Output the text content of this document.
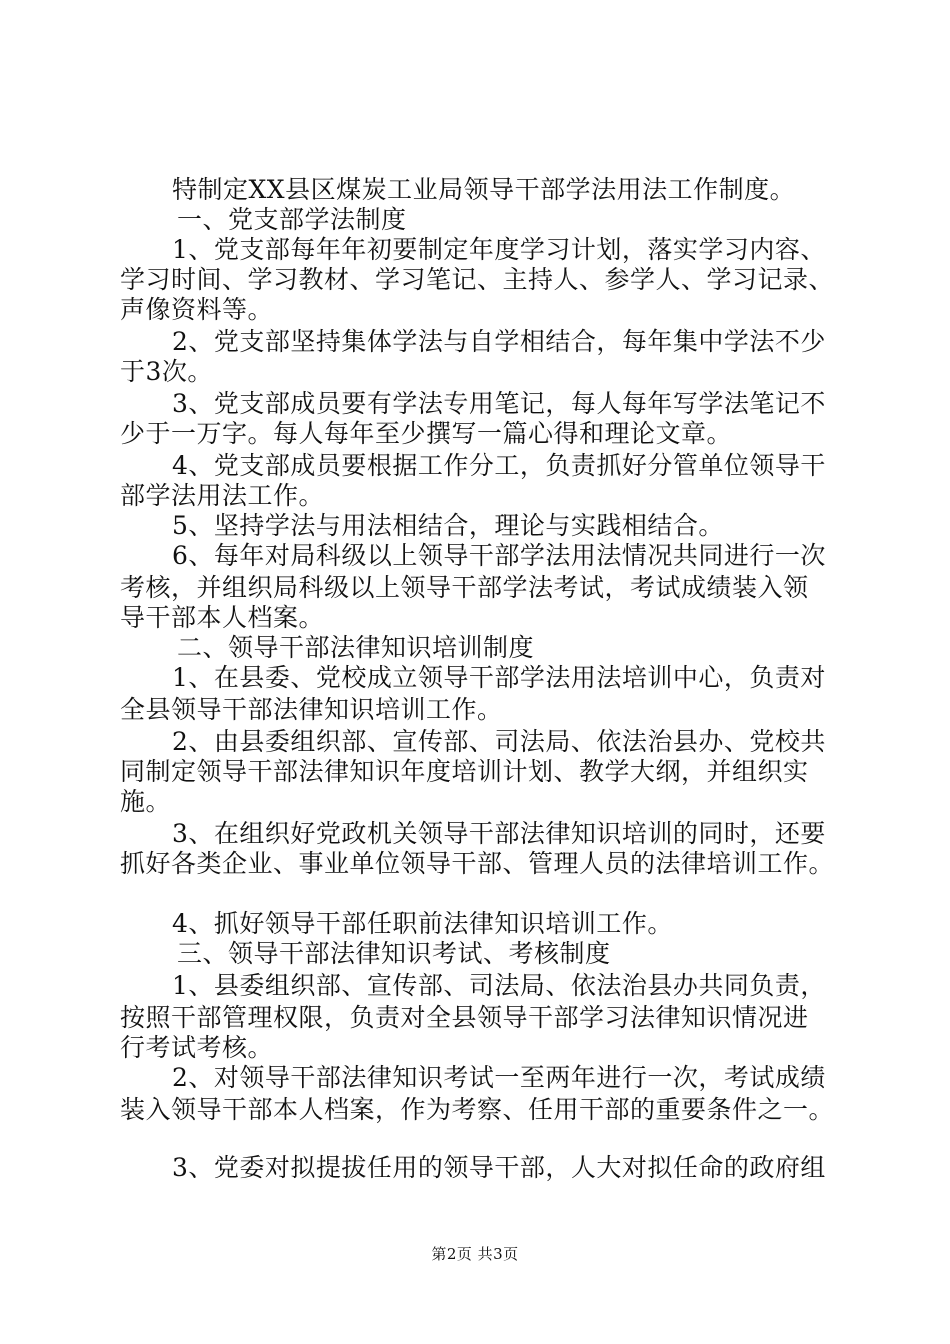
特制定XX县区煤炭工业局领导干部学法用法工作制度。
一、党支部学法制度
1、党支部每年年初要制定年度学习计划，落实学习内容、
学习时间、学习教材、学习笔记、主持人、参学人、学习记录、
声像资料等。
2、党支部坚持集体学法与自学相结合，每年集中学法不少
于3次。
3、党支部成员要有学法专用笔记，每人每年写学法笔记不
少于一万字。每人每年至少撰写一篇心得和理论文章。
4、党支部成员要根据工作分工，负责抓好分管单位领导干
部学法用法工作。
5、坚持学法与用法相结合，理论与实践相结合。
6、每年对局科级以上领导干部学法用法情况共同进行一次
考核，并组织局科级以上领导干部学法考试，考试成绩装入领
导干部本人档案。
二、领导干部法律知识培训制度
1、在县委、党校成立领导干部学法用法培训中心，负责对
全县领导干部法律知识培训工作。
2、由县委组织部、宣传部、司法局、依法治县办、党校共
同制定领导干部法律知识年度培训计划、教学大纲，并组织实
施。
3、在组织好党政机关领导干部法律知识培训的同时，还要
抓好各类企业、事业单位领导干部、管理人员的法律培训工作。
4、抓好领导干部任职前法律知识培训工作。
三、领导干部法律知识考试、考核制度
1、县委组织部、宣传部、司法局、依法治县办共同负责，
按照干部管理权限，负责对全县领导干部学习法律知识情况进
行考试考核。
2、对领导干部法律知识考试一至两年进行一次，考试成绩
装入领导干部本人档案，作为考察、任用干部的重要条件之一。
3、党委对拟提拔任用的领导干部，人大对拟任命的政府组
第2页 共3页
